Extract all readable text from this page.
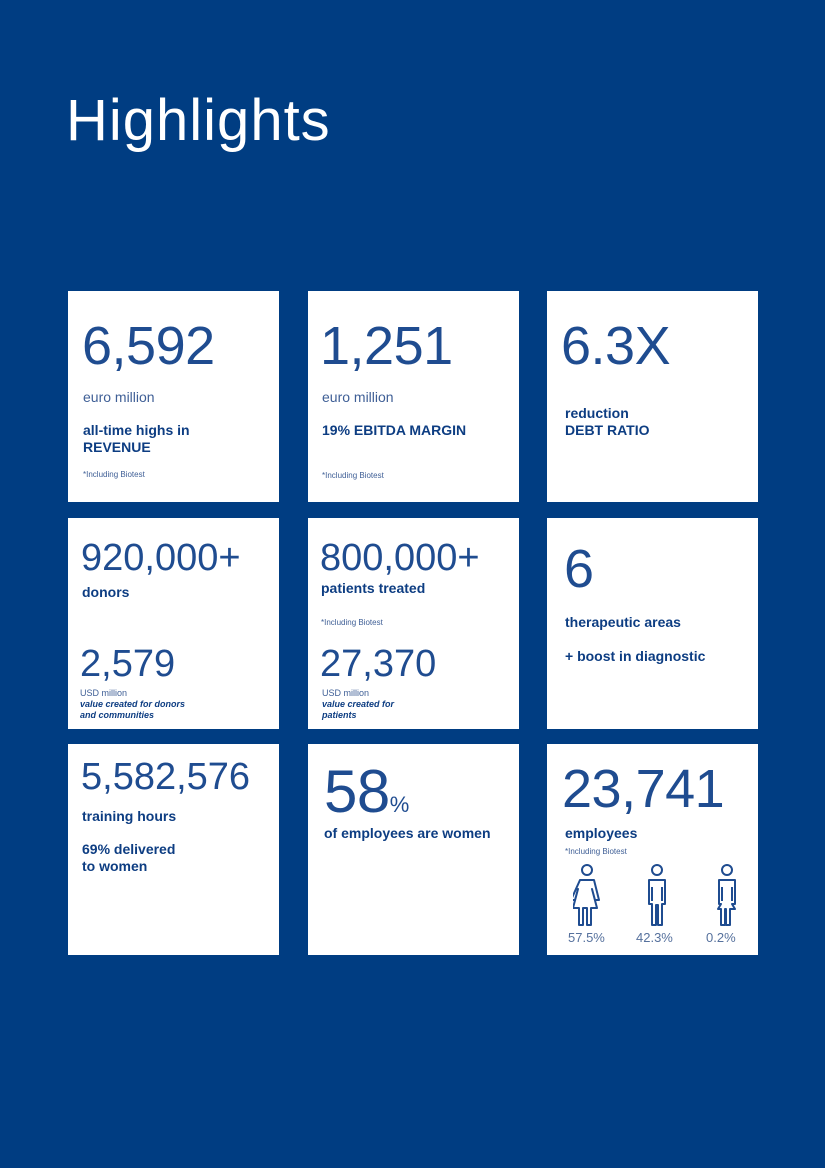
Highlights
6,592
euro million
all-time highs in
REVENUE
*Including Biotest
1,251
euro million
19% EBITDA MARGIN
*Including Biotest
6.3X
reduction
DEBT RATIO
920,000+
donors
2,579
USD million
value created for donors
and communities
800,000+
patients treated
*Including Biotest
27,370
USD million
value created for
patients
6
therapeutic areas
+ boost in diagnostic
5,582,576
training hours
69% delivered
to women
58%
of employees are women
23,741
employees
*Including Biotest
57.5% 42.3%	0.2%
